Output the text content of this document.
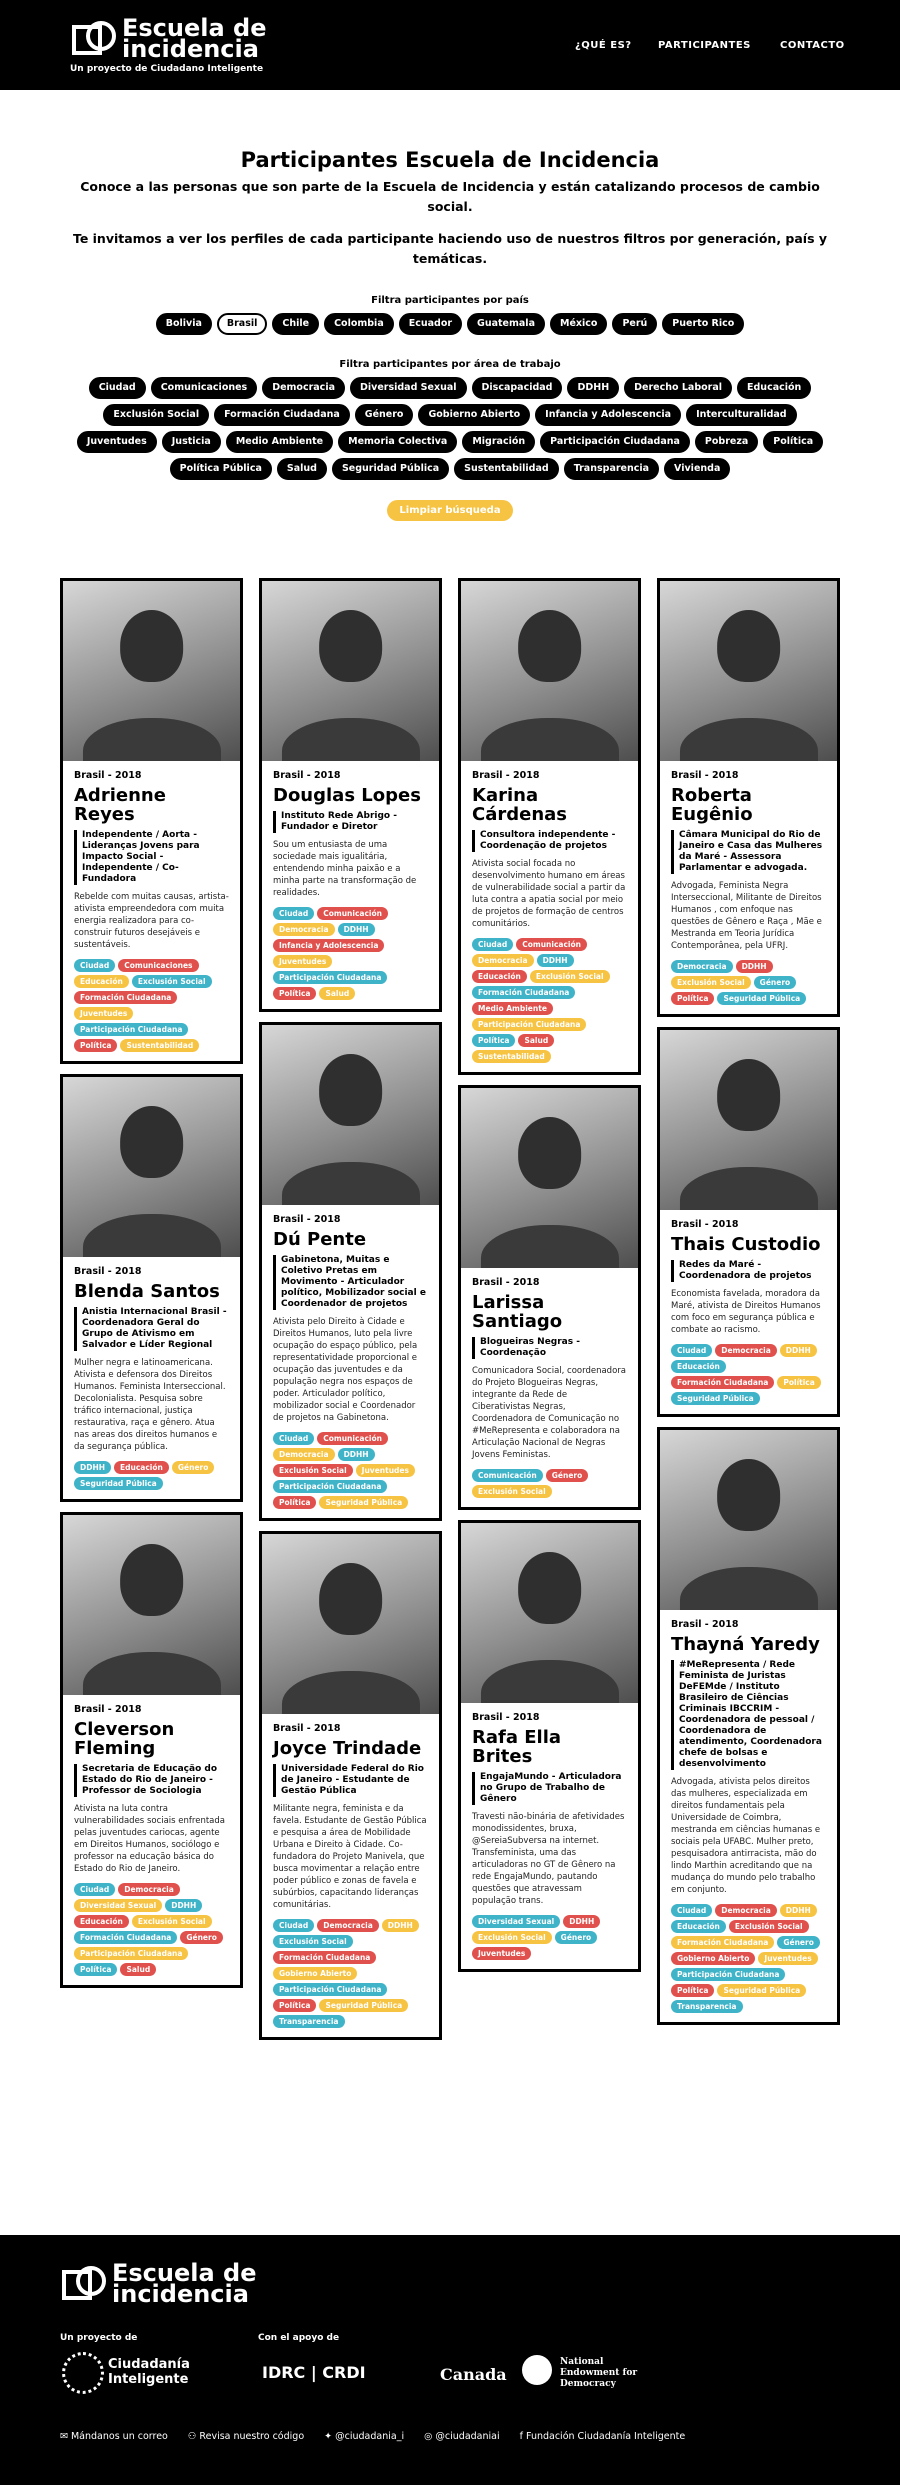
Escuela de
incidencia
Un proyecto de Ciudadano Inteligente
¿QUÉ ES?	PARTICIPANTES	CONTACTO
Participantes Escuela de Incidencia

Conoce a las personas que son parte de la Escuela de Incidencia y están catalizando procesos de cambio social.

Te invitamos a ver los perfiles de cada participante haciendo uso de nuestros filtros por generación, país y temáticas.

Filtra participantes por país
Bolivia	Brasil	Chile	Colombia	Ecuador	Guatemala	México	Perú	Puerto Rico
Filtra participantes por área de trabajo
Ciudad	Comunicaciones	Democracia	Diversidad Sexual	Discapacidad	DDHH	Derecho Laboral	Educación
Exclusión Social	Formación Ciudadana	Género	Gobierno Abierto	Infancia y Adolescencia	Interculturalidad
Juventudes	Justicia	Medio Ambiente	Memoria Colectiva	Migración	Participación Ciudadana	Pobreza	Política
Política Pública	Salud	Seguridad Pública	Sustentabilidad	Transparencia	Vivienda
Limpiar búsqueda
Brasil - 2018
Adrienne Reyes
Independente / Aorta - Lideranças Jovens para Impacto Social - Independente / Co-Fundadora
Rebelde com muitas causas, artista-ativista empreendedora com muita energia realizadora para co-construir futuros desejáveis e sustentáveis.
Ciudad	Comunicaciones
Educación	Exclusión Social
Formación Ciudadana
Juventudes
Participación Ciudadana
Política	Sustentabilidad
Brasil - 2018
Blenda Santos
Anistia Internacional Brasil - Coordenadora Geral do Grupo de Ativismo em Salvador e Líder Regional
Mulher negra e latinoamericana. Ativista e defensora dos Direitos Humanos. Feminista Interseccional. Decolonialista. Pesquisa sobre tráfico internacional, justiça restaurativa, raça e gênero. Atua nas areas dos direitos humanos e da segurança pública.
DDHH	Educación	Género
Seguridad Pública
Brasil - 2018
Cleverson Fleming
Secretaria de Educação do Estado do Rio de Janeiro - Professor de Sociologia
Ativista na luta contra vulnerabilidades sociais enfrentada pelas juventudes cariocas, agente em Direitos Humanos, sociólogo e professor na educação básica do Estado do Rio de Janeiro.
Ciudad	Democracia
Diversidad Sexual	DDHH
Educación	Exclusión Social
Formación Ciudadana	Género
Participación Ciudadana
Política	Salud
Brasil - 2018
Douglas Lopes
Instituto Rede Abrigo - Fundador e Diretor
Sou um entusiasta de uma sociedade mais igualitária, entendendo minha paixão e a minha parte na transformação de realidades.
Ciudad	Comunicación
Democracia	DDHH
Infancia y Adolescencia
Juventudes
Participación Ciudadana
Política	Salud
Brasil - 2018
Dú Pente
Gabinetona, Muitas e Coletivo Pretas em Movimento - Articulador político, Mobilizador social e Coordenador de projetos
Ativista pelo Direito à Cidade e Direitos Humanos, luto pela livre ocupação do espaço público, pela representatividade proporcional e ocupação das juventudes e da população negra nos espaços de poder. Articulador político, mobilizador social e Coordenador de projetos na Gabinetona.
Ciudad	Comunicación
Democracia	DDHH
Exclusión Social	Juventudes
Participación Ciudadana
Política	Seguridad Pública
Brasil - 2018
Joyce Trindade
Universidade Federal do Rio de Janeiro - Estudante de Gestão Pública
Militante negra, feminista e da favela. Estudante de Gestão Pública e pesquisa a área de Mobilidade Urbana e Direito à Cidade. Co-fundadora do Projeto Manivela, que busca movimentar a relação entre poder público e zonas de favela e subúrbios, capacitando lideranças comunitárias.
Ciudad	Democracia	DDHH
Exclusión Social
Formación Ciudadana
Gobierno Abierto
Participación Ciudadana
Política	Seguridad Pública
Transparencia
Brasil - 2018
Karina Cárdenas
Consultora independente - Coordenação de projetos
Ativista social focada no desenvolvimento humano em áreas de vulnerabilidade social a partir da luta contra a apatia social por meio de projetos de formação de centros comunitários.
Ciudad	Comunicación
Democracia	DDHH
Educación	Exclusión Social
Formación Ciudadana
Medio Ambiente
Participación Ciudadana
Política	Salud
Sustentabilidad
Brasil - 2018
Larissa Santiago
Blogueiras Negras - Coordenação
Comunicadora Social, coordenadora do Projeto Blogueiras Negras, integrante da Rede de Ciberativistas Negras, Coordenadora de Comunicação no #MeRepresenta e colaboradora na Articulação Nacional de Negras Jovens Feministas.
Comunicación	Género
Exclusión Social
Brasil - 2018
Rafa Ella Brites
EngajaMundo - Articuladora no Grupo de Trabalho de Gênero
Travesti não-binária de afetividades monodissidentes, bruxa, @SereiaSubversa na internet. Transfeminista, uma das articuladoras no GT de Gênero na rede EngajaMundo, pautando questões que atravessam população trans.
Diversidad Sexual	DDHH
Exclusión Social	Género
Juventudes
Brasil - 2018
Roberta Eugênio
Câmara Municipal do Rio de Janeiro e Casa das Mulheres da Maré - Assessora Parlamentar e advogada.
Advogada, Feminista Negra Interseccional, Militante de Direitos Humanos , com enfoque nas questões de Gênero e Raça , Mãe e Mestranda em Teoria Jurídica Contemporânea, pela UFRJ.
Democracia	DDHH
Exclusión Social	Género
Política	Seguridad Pública
Brasil - 2018
Thais Custodio
Redes da Maré - Coordenadora de projetos
Economista favelada, moradora da Maré, ativista de Direitos Humanos com foco em segurança pública e combate ao racismo.
Ciudad	Democracia	DDHH
Educación
Formación Ciudadana	Política
Seguridad Pública
Brasil - 2018
Thayná Yaredy
#MeRepresenta / Rede Feminista de Juristas DeFEMde / Instituto Brasileiro de Ciências Criminais IBCCRIM - Coordenadora de pessoal / Coordenadora de atendimento, Coordenadora chefe de bolsas e desenvolvimento
Advogada, ativista pelos direitos das mulheres, especializada em direitos fundamentais pela Universidade de Coimbra, mestranda em ciências humanas e sociais pela UFABC. Mulher preto, pesquisadora antirracista, mão do lindo Marthin acreditando que na mudança do mundo pelo trabalho em conjunto.
Ciudad	Democracia	DDHH
Educación	Exclusión Social
Formación Ciudadana	Género
Gobierno Abierto	Juventudes
Participación Ciudadana
Política	Seguridad Pública
Transparencia
Escuela de
incidencia
Un proyecto de
Ciudadanía
Inteligente
Con el apoyo de
IDRC | CRDI	Canada
National Endowment for Democracy
✉ Mándanos un correo ⚇ Revisa nuestro código ✦ @ciudadania_i ◎ @ciudadaniai f Fundación Ciudadanía Inteligente
